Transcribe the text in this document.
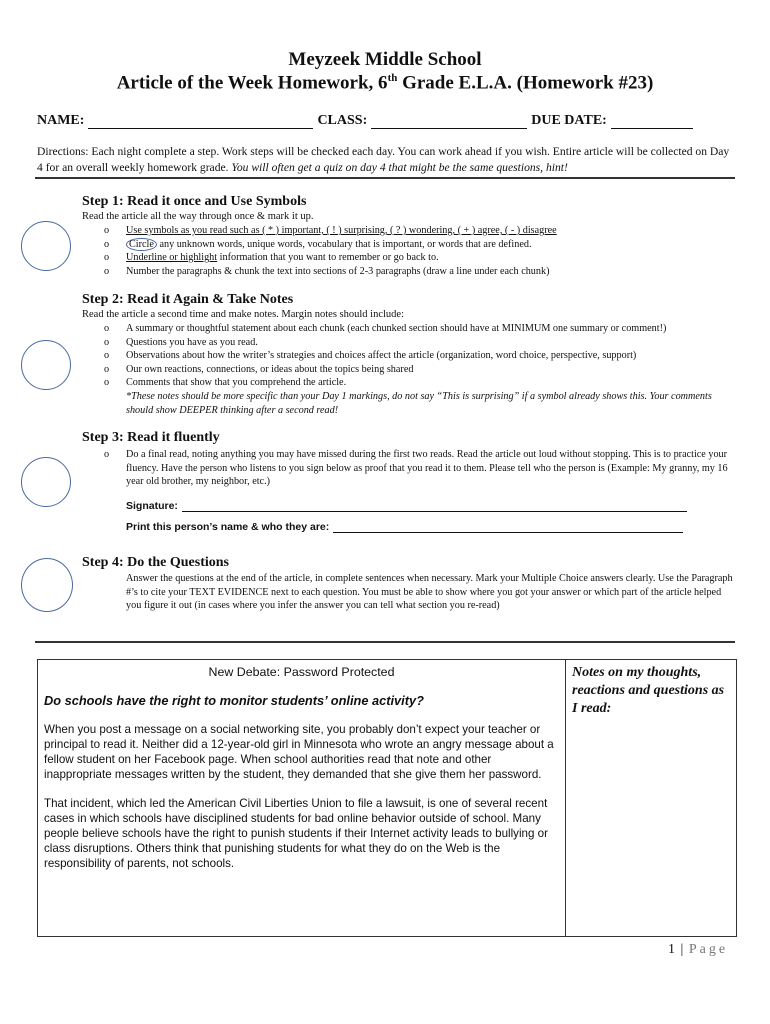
Meyzeek Middle School
Article of the Week Homework, 6th Grade E.L.A. (Homework #23)
NAME:	CLASS:	DUE DATE:
Directions: Each night complete a step. Work steps will be checked each day. You can work ahead if you wish. Entire article will be collected on Day 4 for an overall weekly homework grade. You will often get a quiz on day 4 that might be the same questions, hint!
Step 1: Read it once and Use Symbols
Read the article all the way through once & mark it up.
o Use symbols as you read such as ( * ) important, ( ! ) surprising, ( ? ) wondering, ( + ) agree, ( - ) disagree
o Circle any unknown words, unique words, vocabulary that is important, or words that are defined.
o Underline or highlight information that you want to remember or go back to.
o Number the paragraphs & chunk the text into sections of 2-3 paragraphs (draw a line under each chunk)
Step 2: Read it Again & Take Notes
Read the article a second time and make notes. Margin notes should include:
o A summary or thoughtful statement about each chunk (each chunked section should have at MINIMUM one summary or comment!)
o Questions you have as you read.
o Observations about how the writer’s strategies and choices affect the article (organization, word choice, perspective, support)
o Our own reactions, connections, or ideas about the topics being shared
o Comments that show that you comprehend the article.
*These notes should be more specific than your Day 1 markings, do not say “This is surprising” if a symbol already shows this. Your comments should show DEEPER thinking after a second read!
Step 3: Read it fluently
o Do a final read, noting anything you may have missed during the first two reads. Read the article out loud without stopping. This is to practice your fluency. Have the person who listens to you sign below as proof that you read it to them. Please tell who the person is (Example: My granny, my 16 year old brother, my neighbor, etc.)
Signature:
Print this person’s name & who they are:
Step 4: Do the Questions
Answer the questions at the end of the article, in complete sentences when necessary. Mark your Multiple Choice answers clearly. Use the Paragraph #’s to cite your TEXT EVIDENCE next to each question. You must be able to show where you got your answer or which part of the article helped you figure it out (in cases where you infer the answer you can tell what section you re-read)
New Debate: Password Protected
Do schools have the right to monitor students’ online activity?
When you post a message on a social networking site, you probably don’t expect your teacher or principal to read it. Neither did a 12-year-old girl in Minnesota who wrote an angry message about a fellow student on her Facebook page. When school authorities read that note and other inappropriate messages written by the student, they demanded that she give them her password.
That incident, which led the American Civil Liberties Union to file a lawsuit, is one of several recent cases in which schools have disciplined students for bad online behavior outside of school. Many people believe schools have the right to punish students if their Internet activity leads to bullying or class disruptions. Others think that punishing students for what they do on the Web is the responsibility of parents, not schools.

Notes on my thoughts, reactions and questions as I read:
1 | Page
